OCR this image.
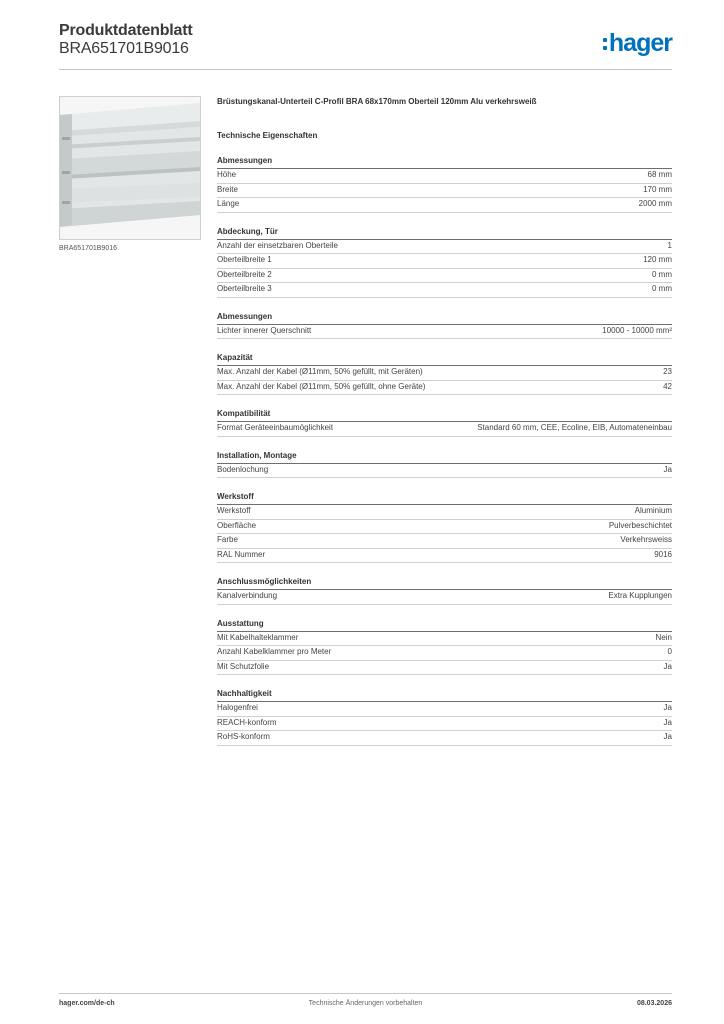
Produktdatenblatt
BRA651701B9016	hager
BRA651701B9016
Brüstungskanal-Unterteil C-Profil BRA 68x170mm Oberteil 120mm Alu verkehrsweiß
Technische Eigenschaften
Abmessungen
Höhe	68 mm
Breite	170 mm
Länge	2000 mm
Abdeckung, Tür
Anzahl der einsetzbaren Oberteile	1
Oberteilbreite 1	120 mm
Oberteilbreite 2	0 mm
Oberteilbreite 3	0 mm
Abmessungen
Lichter innerer Querschnitt	10000 - 10000 mm²
Kapazität
Max. Anzahl der Kabel (Ø11mm, 50% gefüllt, mit Geräten)	23
Max. Anzahl der Kabel (Ø11mm, 50% gefüllt, ohne Geräte)	42
Kompatibilität
Format Geräteeinbaumöglichkeit	Standard 60 mm, CEE, Ecoline, EIB, Automateneinbau
Installation, Montage
Bodenlochung	Ja
Werkstoff
Werkstoff	Aluminium
Oberfläche	Pulverbeschichtet
Farbe	Verkehrsweiss
RAL Nummer	9016
Anschlussmöglichkeiten
Kanalverbindung	Extra Kupplungen
Ausstattung
Mit Kabelhalteklammer	Nein
Anzahl Kabelklammer pro Meter	0
Mit Schutzfolie	Ja
Nachhaltigkeit
Halogenfrei	Ja
REACH-konform	Ja
RoHS-konform	Ja
hager.com/de-ch	Technische Änderungen vorbehalten	08.03.2026
